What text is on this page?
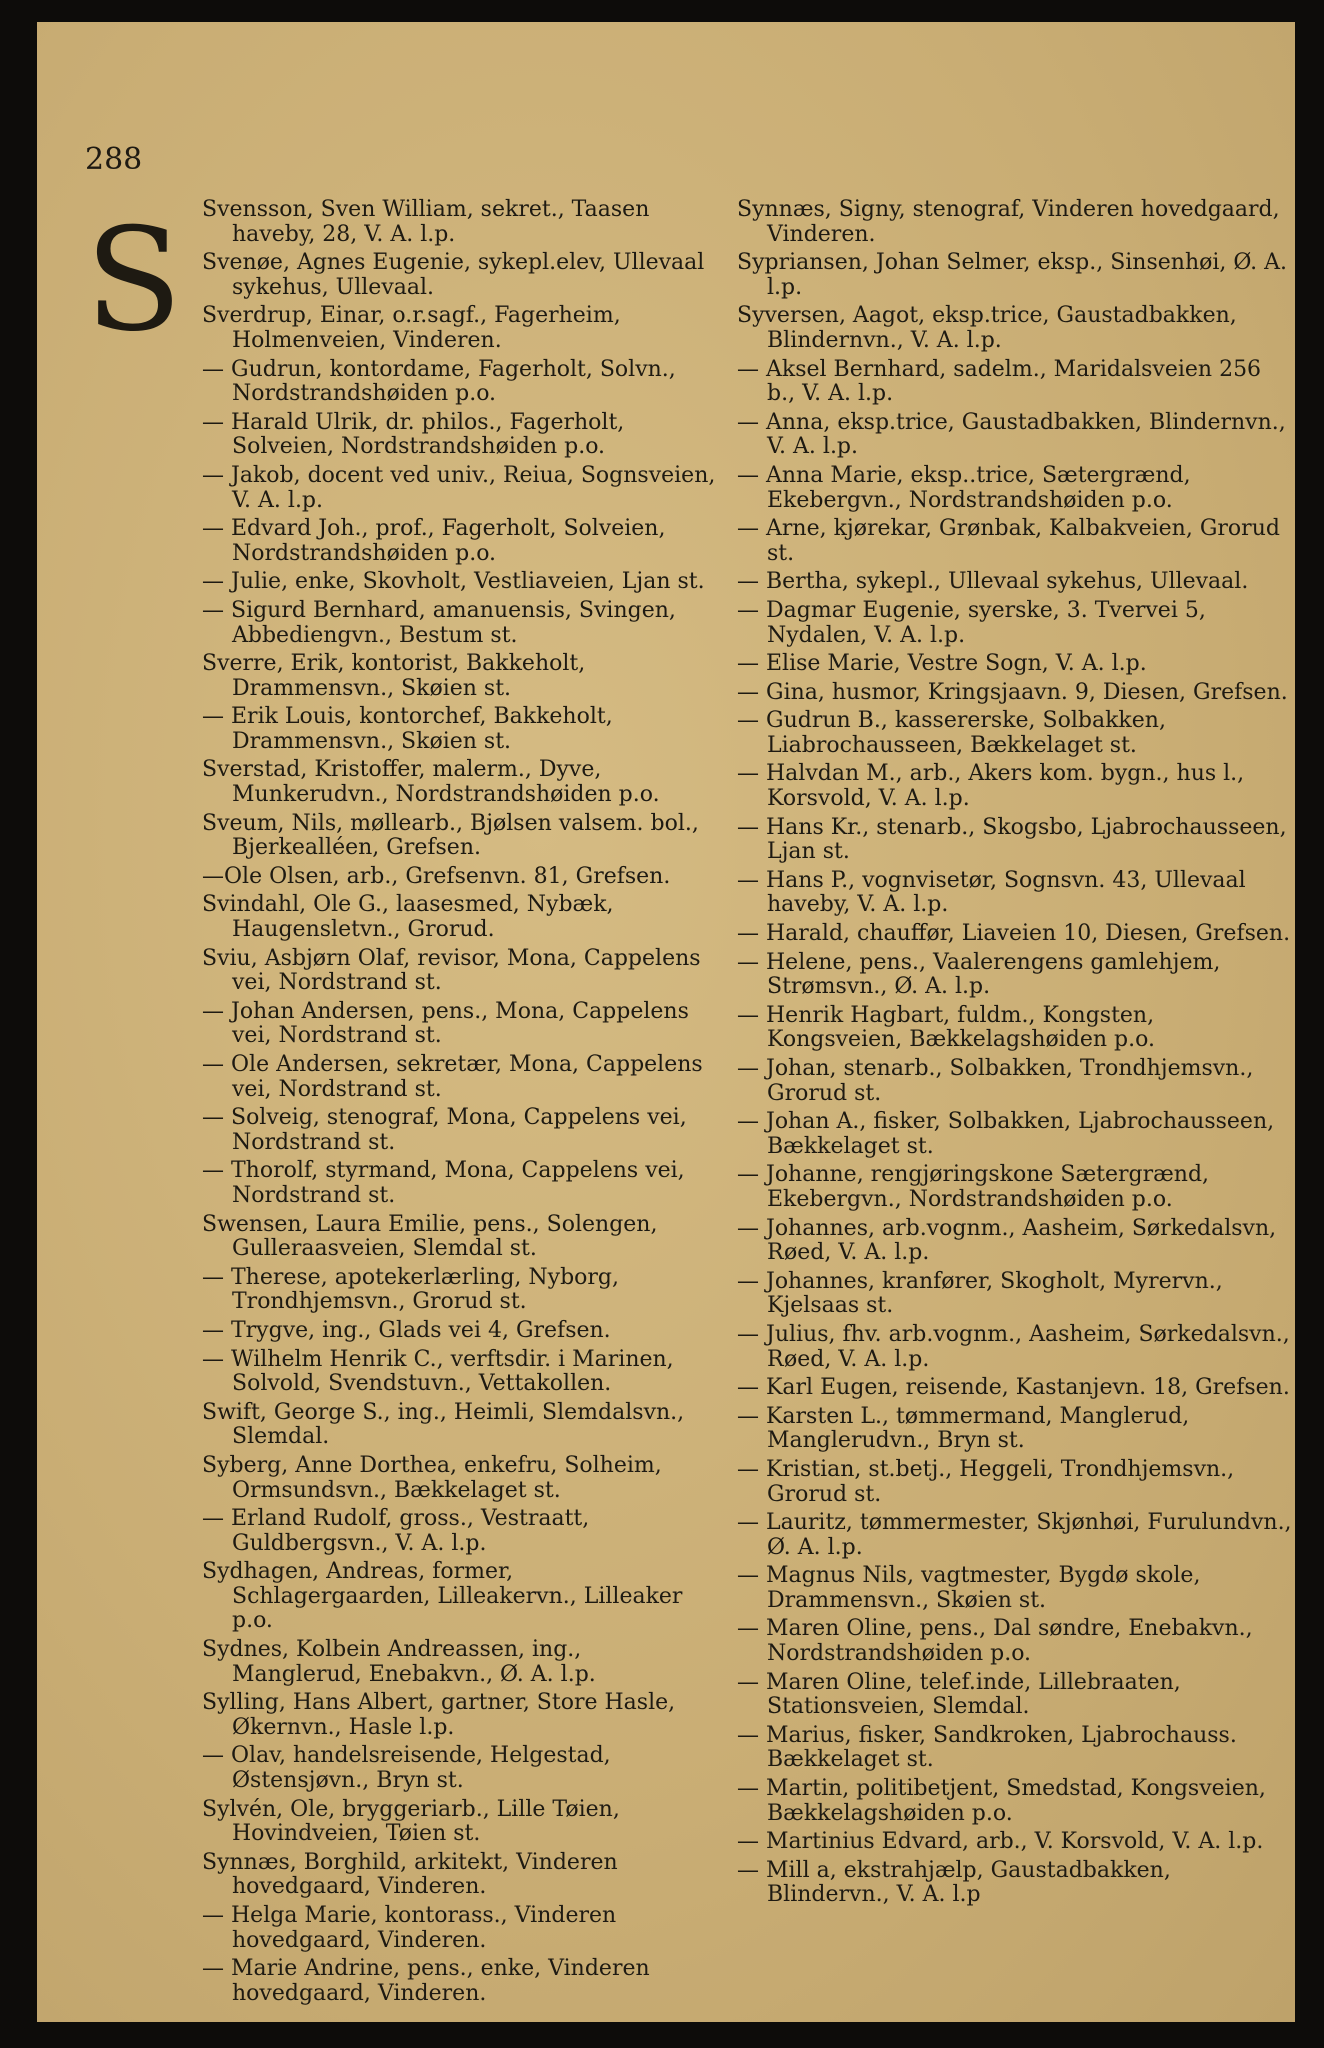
288
S Svensson, Sven William, sekret., Taasen haveby, 28, V. A. l.p.
Svenøe, Agnes Eugenie, sykepl.elev, Ullevaal sykehus, Ullevaal.
Sverdrup, Einar, o.r.sagf., Fagerheim, Holmenveien, Vinderen.
— Gudrun, kontordame, Fagerholt, Solvn., Nordstrandshøiden p.o.
— Harald Ulrik, dr. philos., Fagerholt, Solveien, Nordstrandshøiden p.o.
— Jakob, docent ved univ., Reiua, Sognsveien, V. A. l.p.
— Edvard Joh., prof., Fagerholt, Solveien, Nordstrandshøiden p.o.
— Julie, enke, Skovholt, Vestliaveien, Ljan st.
— Sigurd Bernhard, amanuensis, Svingen, Abbediengvn., Bestum st.
Sverre, Erik, kontorist, Bakkeholt, Drammensvn., Skøien st.
— Erik Louis, kontorchef, Bakkeholt, Drammensvn., Skøien st.
Sverstad, Kristoffer, malerm., Dyve, Munkerudvn., Nordstrandshøiden p.o.
Sveum, Nils, møllearb., Bjølsen valsem. bol., Bjerkealléen, Grefsen.
—Ole Olsen, arb., Grefsenvn. 81, Grefsen.
Svindahl, Ole G., laasesmed, Nybæk, Haugensletvn., Grorud.
Sviu, Asbjørn Olaf, revisor, Mona, Cappelens vei, Nordstrand st.
— Johan Andersen, pens., Mona, Cappelens vei, Nordstrand st.
— Ole Andersen, sekretær, Mona, Cappelens vei, Nordstrand st.
— Solveig, stenograf, Mona, Cappelens vei, Nordstrand st.
— Thorolf, styrmand, Mona, Cappelens vei, Nordstrand st.
Swensen, Laura Emilie, pens., Solengen, Gulleraasveien, Slemdal st.
— Therese, apotekerlærling, Nyborg, Trondhjemsvn., Grorud st.
— Trygve, ing., Glads vei 4, Grefsen.
— Wilhelm Henrik C., verftsdir. i Marinen, Solvold, Svendstuvn., Vettakollen.
Swift, George S., ing., Heimli, Slemdalsvn., Slemdal.
Syberg, Anne Dorthea, enkefru, Solheim, Ormsundsvn., Bækkelaget st.
— Erland Rudolf, gross., Vestraatt, Guldbergsvn., V. A. l.p.
Sydhagen, Andreas, former, Schlagergaarden, Lilleakervn., Lilleaker p.o.
Sydnes, Kolbein Andreassen, ing., Manglerud, Enebakvn., Ø. A. l.p.
Sylling, Hans Albert, gartner, Store Hasle, Økernvn., Hasle l.p.
— Olav, handelsreisende, Helgestad, Østensjøvn., Bryn st.
Sylvén, Ole, bryggeriarb., Lille Tøien, Hovindveien, Tøien st.
Synnæs, Borghild, arkitekt, Vinderen hovedgaard, Vinderen.
— Helga Marie, kontorass., Vinderen hovedgaard, Vinderen.
— Marie Andrine, pens., enke, Vinderen hovedgaard, Vinderen.
Synnæs, Signy, stenograf, Vinderen hovedgaard, Vinderen.
Sypriansen, Johan Selmer, eksp., Sinsenhøi, Ø. A. l.p.
Syversen, Aagot, eksp.trice, Gaustadbakken, Blindernvn., V. A. l.p.
— Aksel Bernhard, sadelm., Maridalsveien 256 b., V. A. l.p.
— Anna, eksp.trice, Gaustadbakken, Blindernvn., V. A. l.p.
— Anna Marie, eksp..trice, Sætergrænd, Ekebergvn., Nordstrandshøiden p.o.
— Arne, kjørekar, Grønbak, Kalbakveien, Grorud st.
— Bertha, sykepl., Ullevaal sykehus, Ullevaal.
— Dagmar Eugenie, syerske, 3. Tvervei 5, Nydalen, V. A. l.p.
— Elise Marie, Vestre Sogn, V. A. l.p.
— Gina, husmor, Kringsjaavn. 9, Diesen, Grefsen.
— Gudrun B., kassererske, Solbakken, Liabrochausseen, Bækkelaget st.
— Halvdan M., arb., Akers kom. bygn., hus l., Korsvold, V. A. l.p.
— Hans Kr., stenarb., Skogsbo, Ljabrochausseen, Ljan st.
— Hans P., vognvisetør, Sognsvn. 43, Ullevaal haveby, V. A. l.p.
— Harald, chauffør, Liaveien 10, Diesen, Grefsen.
— Helene, pens., Vaalerengens gamlehjem, Strømsvn., Ø. A. l.p.
— Henrik Hagbart, fuldm., Kongsten, Kongsveien, Bækkelagshøiden p.o.
— Johan, stenarb., Solbakken, Trondhjemsvn., Grorud st.
— Johan A., fisker, Solbakken, Ljabrochausseen, Bækkelaget st.
— Johanne, rengjøringskone Sætergrænd, Ekebergvn., Nordstrandshøiden p.o.
— Johannes, arb.vognm., Aasheim, Sørkedalsvn, Røed, V. A. l.p.
— Johannes, kranfører, Skogholt, Myrervn., Kjelsaas st.
— Julius, fhv. arb.vognm., Aasheim, Sørkedalsvn., Røed, V. A. l.p.
— Karl Eugen, reisende, Kastanjevn. 18, Grefsen.
— Karsten L., tømmermand, Manglerud, Manglerudvn., Bryn st.
— Kristian, st.betj., Heggeli, Trondhjemsvn., Grorud st.
— Lauritz, tømmermester, Skjønhøi, Furulundvn., Ø. A. l.p.
— Magnus Nils, vagtmester, Bygdø skole, Drammensvn., Skøien st.
— Maren Oline, pens., Dal søndre, Enebakvn., Nordstrandshøiden p.o.
— Maren Oline, telef.inde, Lillebraaten, Stationsveien, Slemdal.
— Marius, fisker, Sandkroken, Ljabrochauss. Bækkelaget st.
— Martin, politibetjent, Smedstad, Kongsveien, Bækkelagshøiden p.o.
— Martinius Edvard, arb., V. Korsvold, V. A. l.p.
— Mill a, ekstrahjælp, Gaustadbakken, Blindervn., V. A. l.p
